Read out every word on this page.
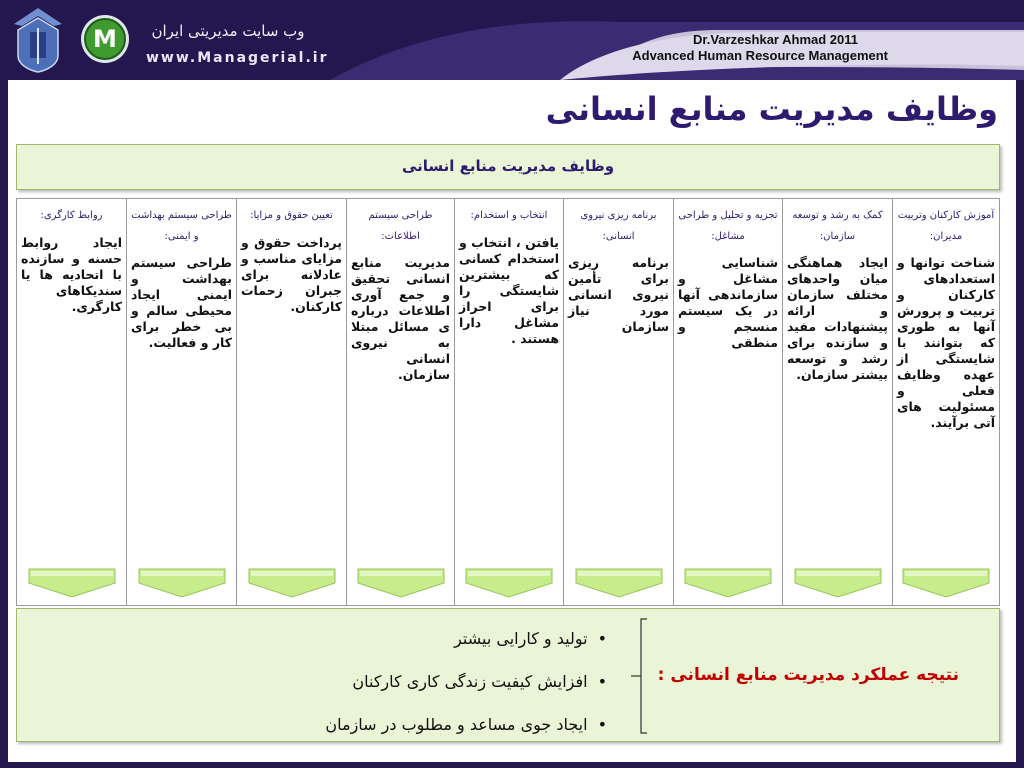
M وب سایت مدیریتی ایران
www.Managerial.ir
Dr.Varzeshkar Ahmad 2011
Advanced Human Resource Management
وظایف مدیریت منابع انسانی
وظایف مدیریت منابع انسانی
روابط کارگری:
ایجاد روابط حسنه و سازنده با اتحادیه ها یا سندیکاهای کارگری.
طراحی سیستم بهداشت و ایمنی:
طراحی سیستم بهداشت و ایمنی ایجاد محیطی سالم و بی خطر برای کار و فعالیت.
تعیین حقوق و مزایا:
پرداخت حقوق و مزایای مناسب و عادلانه برای جبران زحمات کارکنان.
طراحی سیستم اطلاعات:
مدیریت منابع انسانی تحقیق و جمع آوری اطلاعات درباره ی مسائل مبتلا به نیروی انسانی سازمان.
انتخاب و استخدام:
یافتن ، انتخاب و استخدام کسانی که بیشترین شایستگی را برای احراز مشاغل دارا هستند .
برنامه ریزی نیروی انسانی:
برنامه ریزی برای تأمین نیروی انسانی مورد نیاز سازمان
تجزیه و تحلیل و طراحی مشاغل:
شناسایی مشاغل و سازماندهی آنها در یک سیستم منسجم و منطقی
کمک به رشد و توسعه سازمان:
ایجاد هماهنگی میان واحدهای مختلف سازمان و ارائه پیشنهادات مفید و سازنده برای رشد و توسعه بیشتر سازمان.
آموزش کارکنان وتربیت مدیران:
شناخت توانها و استعدادهای کارکنان و تربیت و پرورش آنها به طوری که بتوانند با شایستگی از عهده وظایف فعلی و مسئولیت های آتی برآیند.
نتیجه عملکرد مدیریت منابع انسانی :
•
تولید و کارایی بیشتر
•
افزایش کیفیت زندگی کاری کارکنان
•
ایجاد جوی مساعد و مطلوب در سازمان
